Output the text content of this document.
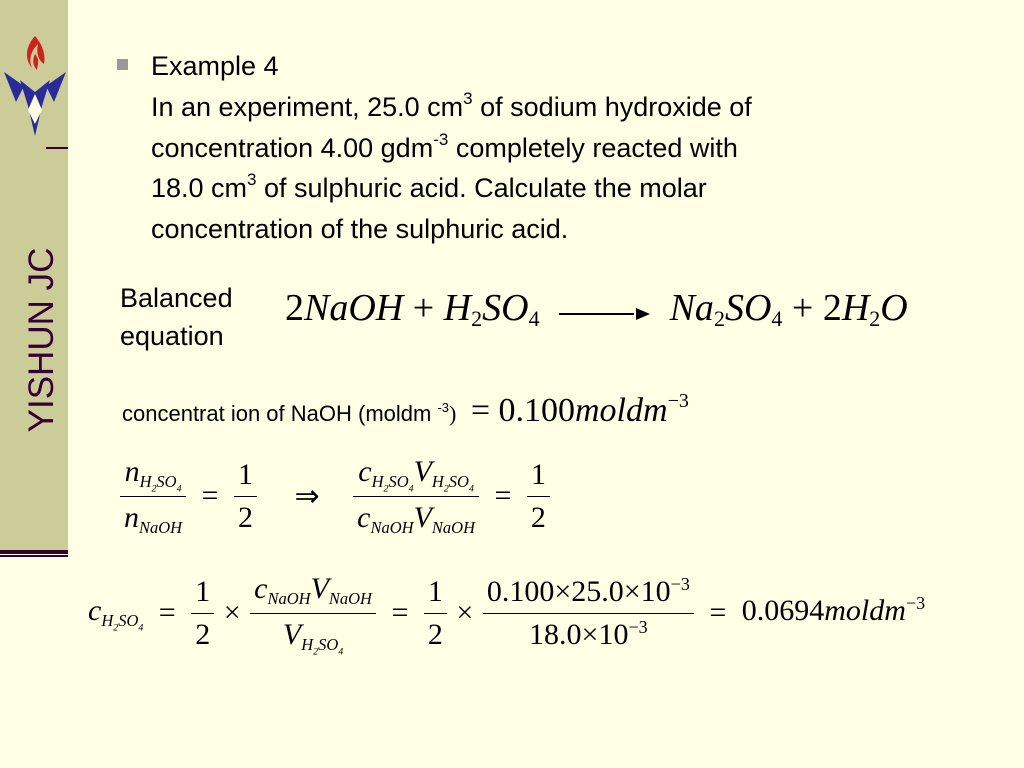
YISHUN JC
Example 4
In an experiment, 25.0 $cm^3$ of sodium hydroxide of
concentration 4.00 gdm$^{-3}$ completely reacted with
18.0 $cm^3$ of sulphuric acid. Calculate the molar
concentration of the sulphuric acid.
Balanced
equation
2NaOH + $H_2SO_4$	$Na_2SO_4 + 2H_2O$
concentrat ion of NaOH (moldm $^{-3}$) = 0.100moldm$^{-3}$
$\frac{nH_2SO_4}{\text{nNaOH}} = \frac{1}{2}$ ⇒ $\frac{cH_2SO_4VH_2SO_4}{\text{cNaOHVNaOH}} = \frac{1}{2}$
$cH_2SO_4 = \frac{1}{2} \times \frac{\text{cNaOHVNaOH}}{VH_2SO_4} = \frac{1}{2} \times \frac{0.100\times 25.0\times 10^{-3}}{18.0\times 10^{-3}}$ = 0.0694moldm$^{-3}$
